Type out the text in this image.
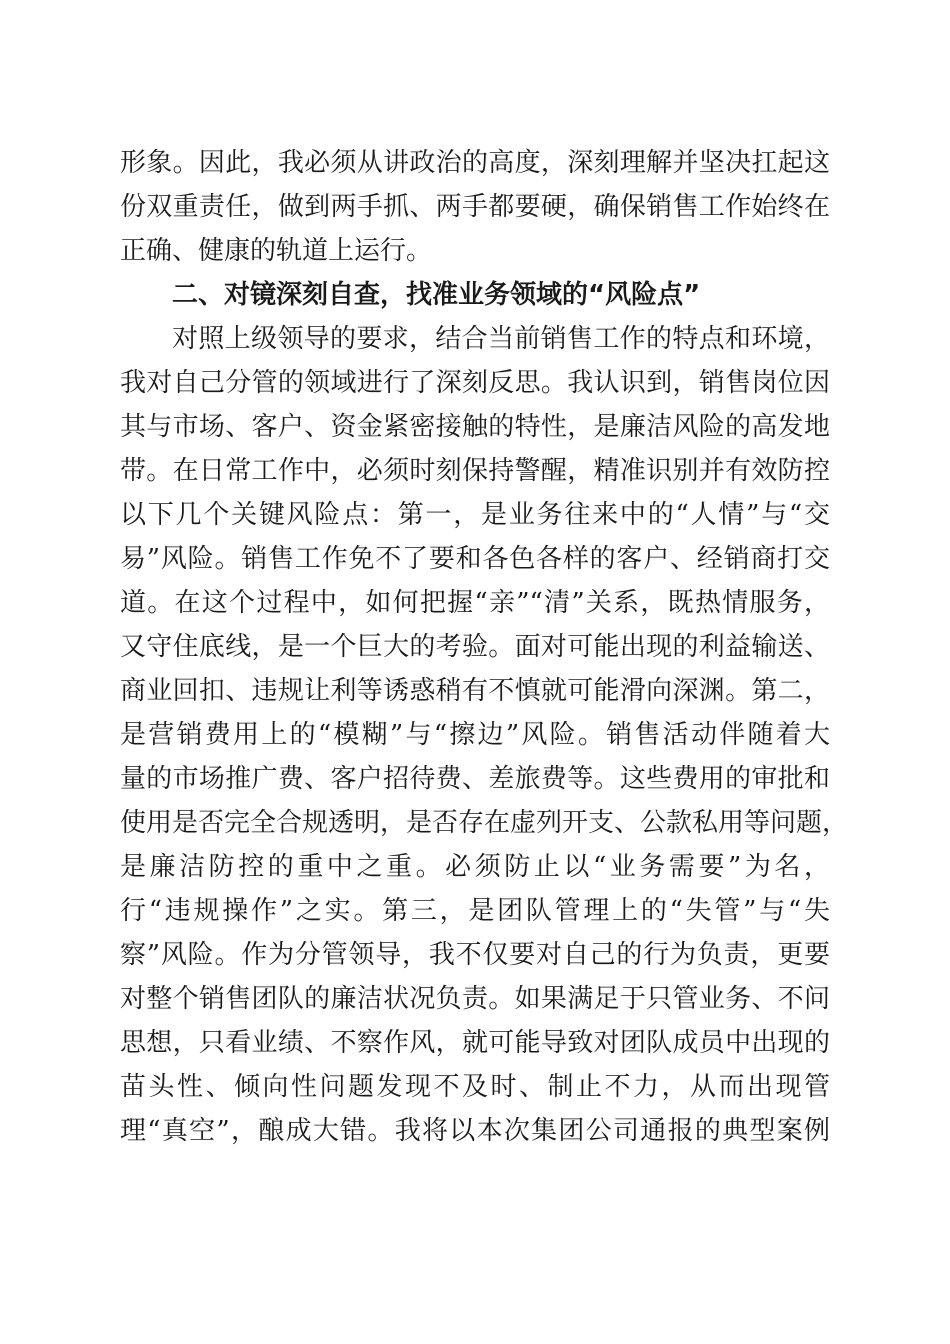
形象。因此，我必须从讲政治的高度，深刻理解并坚决扛起这
份双重责任，做到两手抓、两手都要硬，确保销售工作始终在
正确、健康的轨道上运行。
二、对镜深刻自查，找准业务领域的“风险点”
对照上级领导的要求，结合当前销售工作的特点和环境，
我对自己分管的领域进行了深刻反思。我认识到，销售岗位因
其与市场、客户、资金紧密接触的特性，是廉洁风险的高发地
带。在日常工作中，必须时刻保持警醒，精准识别并有效防控
以下几个关键风险点：第一，是业务往来中的“人情”与“交
易”风险。销售工作免不了要和各色各样的客户、经销商打交
道。在这个过程中，如何把握“亲”“清”关系，既热情服务，
又守住底线，是一个巨大的考验。面对可能出现的利益输送、
商业回扣、违规让利等诱惑稍有不慎就可能滑向深渊。第二，
是营销费用上的“模糊”与“擦边”风险。销售活动伴随着大
量的市场推广费、客户招待费、差旅费等。这些费用的审批和
使用是否完全合规透明，是否存在虚列开支、公款私用等问题，
是廉洁防控的重中之重。必须防止以“业务需要”为名，
行“违规操作”之实。第三，是团队管理上的“失管”与“失
察”风险。作为分管领导，我不仅要对自己的行为负责，更要
对整个销售团队的廉洁状况负责。如果满足于只管业务、不问
思想，只看业绩、不察作风，就可能导致对团队成员中出现的
苗头性、倾向性问题发现不及时、制止不力，从而出现管
理“真空”，酿成大错。我将以本次集团公司通报的典型案例
